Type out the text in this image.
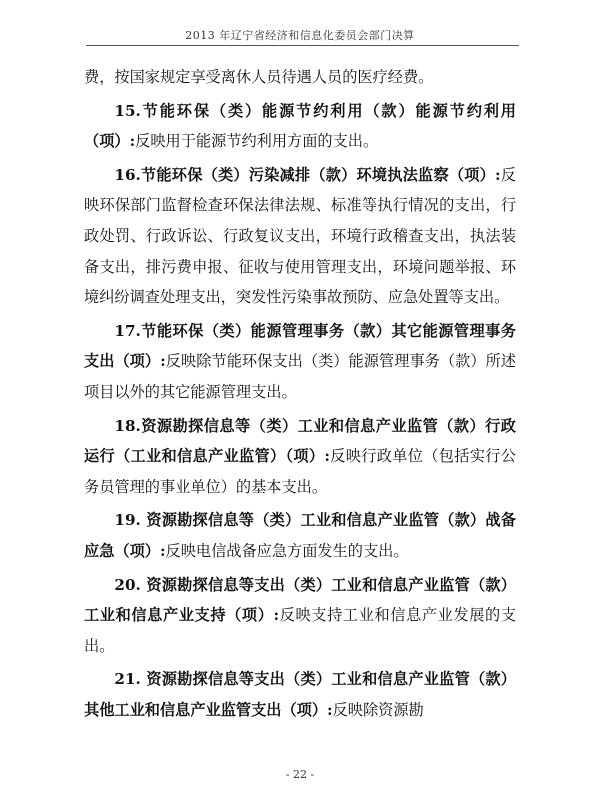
2013 年辽宁省经济和信息化委员会部门决算

费，按国家规定享受离休人员待遇人员的医疗经费。

15.节能环保（类）能源节约利用（款）能源节约利用（项）:反映用于能源节约利用方面的支出。

16.节能环保（类）污染减排（款）环境执法监察（项）:反映环保部门监督检查环保法律法规、标准等执行情况的支出，行政处罚、行政诉讼、行政复议支出，环境行政稽查支出，执法装备支出，排污费申报、征收与使用管理支出，环境问题举报、环境纠纷调查处理支出，突发性污染事故预防、应急处置等支出。

17.节能环保（类）能源管理事务（款）其它能源管理事务支出（项）:反映除节能环保支出（类）能源管理事务（款）所述项目以外的其它能源管理支出。

18.资源勘探信息等（类）工业和信息产业监管（款）行政运行（工业和信息产业监管）（项）:反映行政单位（包括实行公务员管理的事业单位）的基本支出。

19. 资源勘探信息等（类）工业和信息产业监管（款）战备应急（项）:反映电信战备应急方面发生的支出。

20. 资源勘探信息等支出（类）工业和信息产业监管（款）工业和信息产业支持（项）:反映支持工业和信息产业发展的支出。

21. 资源勘探信息等支出（类）工业和信息产业监管（款）其他工业和信息产业监管支出（项）:反映除资源勘

- 22 -
